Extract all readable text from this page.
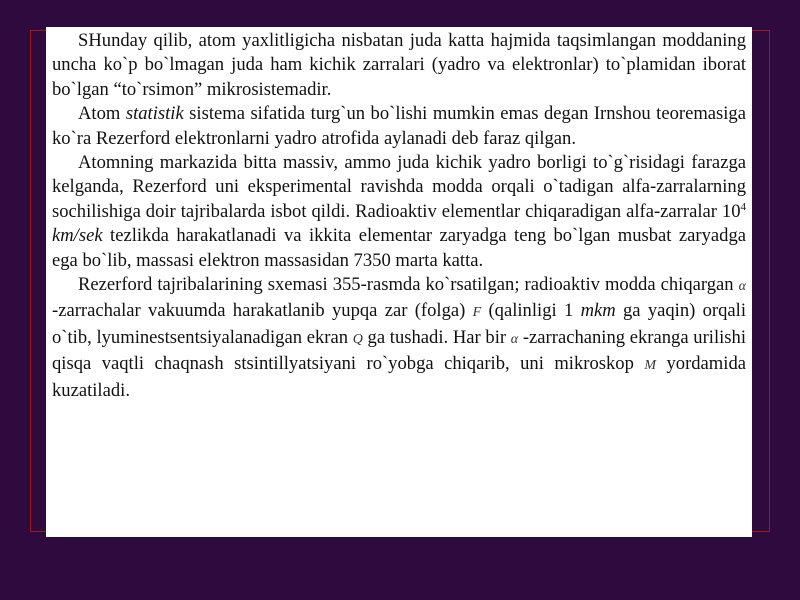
SHunday qilib, atom yaxlitligicha nisbatan juda katta hajmida taqsimlangan moddaning uncha ko`p bo`lmagan juda ham kichik zarralari (yadro va elektronlar) to`plamidan iborat bo`lgan “to`rsimon” mikrosistemadir.

Atom statistik sistema sifatida turg`un bo`lishi mumkin emas degan Irnshou teoremasiga ko`ra Rezerford elektronlarni yadro atrofida aylanadi deb faraz qilgan.

Atomning markazida bitta massiv, ammo juda kichik yadro borligi to`g`risidagi farazga kelganda, Rezerford uni eksperimental ravishda modda orqali o`tadigan alfa-zarralarning sochilishiga doir tajribalarda isbot qildi. Radioaktiv elementlar chiqaradigan alfa-zarralar $10^4$ km/sek tezlikda harakatlanadi va ikkita elementar zaryadga teng bo`lgan musbat zaryadga ega bo`lib, massasi elektron massasidan 7350 marta katta.

Rezerford tajribalarining sxemasi 355-rasmda ko`rsatilgan; radioaktiv modda chiqargan α -zarrachalar vakuumda harakatlanib yupqa zar (folga) F (qalinligi 1 mkm ga yaqin) orqali o`tib, lyuminestsentsiyalanadigan ekran Q ga tushadi. Har bir α -zarrachaning ekranga urilishi qisqa vaqtli chaqnash stsintillyatsiyani ro`yobga chiqarib, uni mikroskop M yordamida kuzatiladi.
